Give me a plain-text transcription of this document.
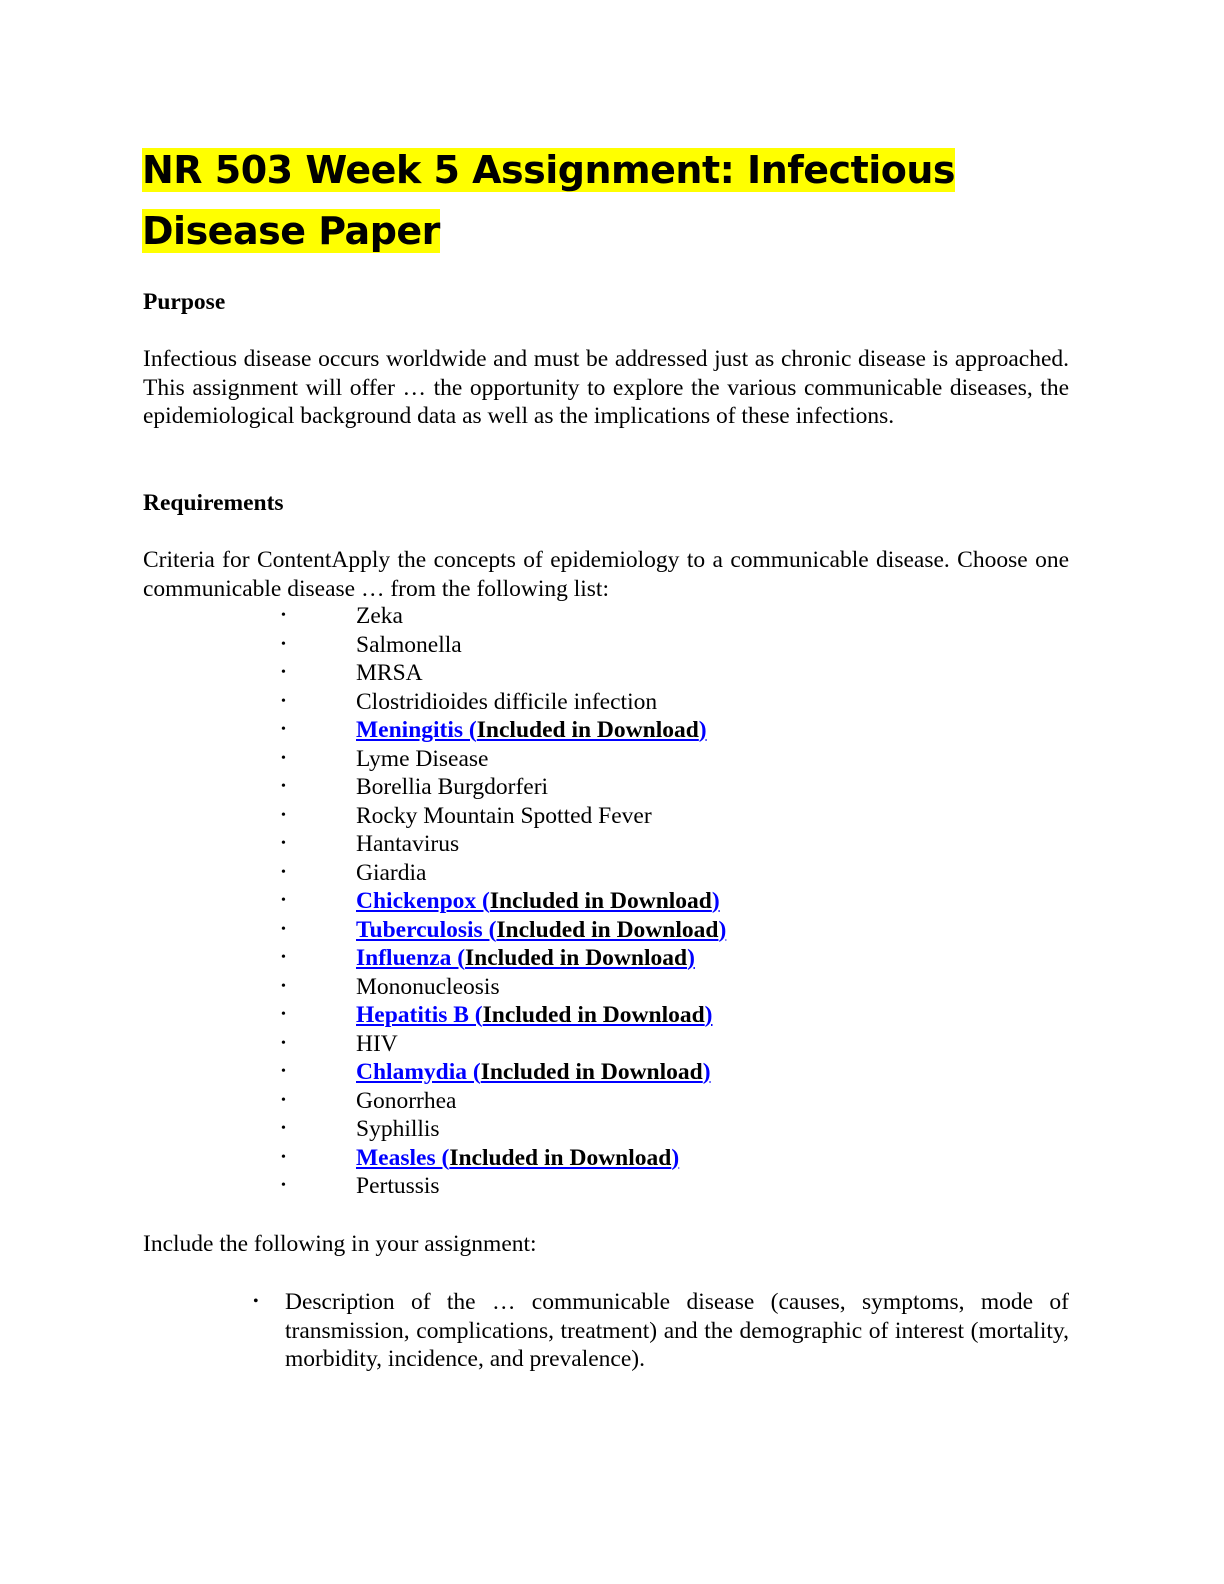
NR 503 Week 5 Assignment: Infectious Disease Paper
Purpose

Infectious disease occurs worldwide and must be addressed just as chronic disease is approached. This assignment will offer … the opportunity to explore the various communicable diseases, the epidemiological background data as well as the implications of these infections.

Requirements

Criteria for ContentApply the concepts of epidemiology to a communicable disease. Choose one communicable disease … from the following list:

•	Zeka
•	Salmonella
•	MRSA
•	Clostridioides difficile infection
•	Meningitis (Included in Download)
•	Lyme Disease
•	Borellia Burgdorferi
•	Rocky Mountain Spotted Fever
•	Hantavirus
•	Giardia
•	Chickenpox (Included in Download)
•	Tuberculosis (Included in Download)
•	Influenza (Included in Download)
•	Mononucleosis
•	Hepatitis B (Included in Download)
•	HIV
•	Chlamydia (Included in Download)
•	Gonorrhea
•	Syphillis
•	Measles (Included in Download)
•	Pertussis

Include the following in your assignment:

• Description of the … communicable disease (causes, symptoms, mode of transmission, complications, treatment) and the demographic of interest (mortality, morbidity, incidence, and prevalence).
